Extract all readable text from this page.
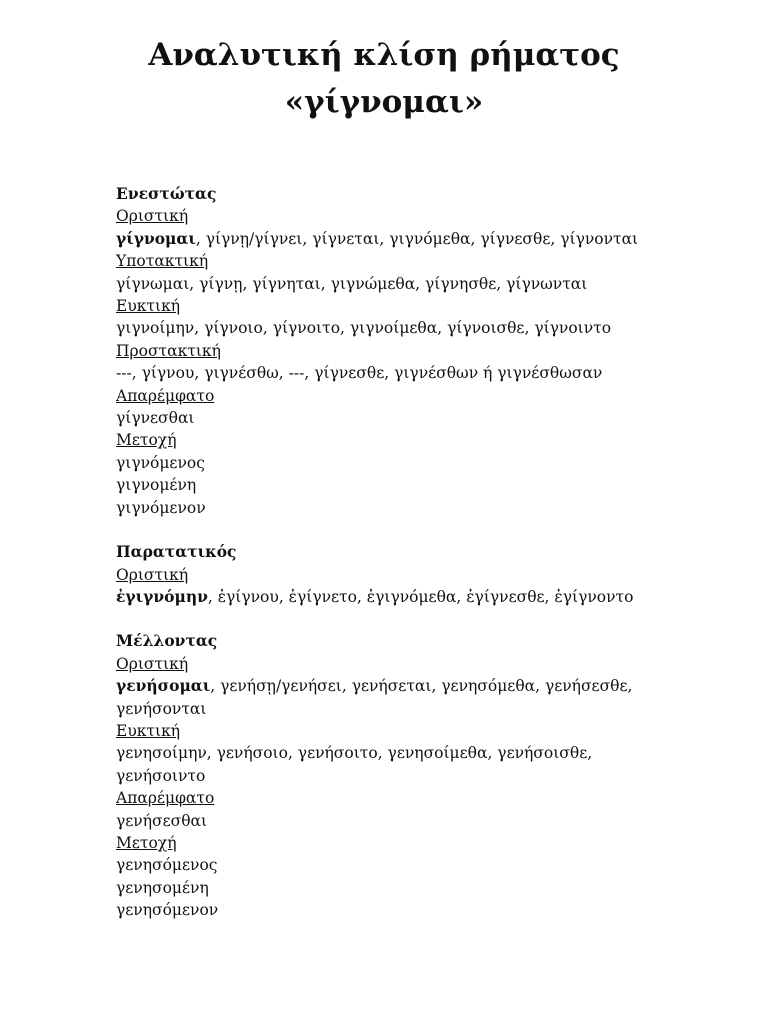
Αναλυτική κλίση ρήματος
«γίγνομαι»
Ενεστώτας
Οριστική
γίγνομαι, γίγνῃ/γίγνει, γίγνεται, γιγνόμεθα, γίγνεσθε, γίγνονται
Υποτακτική
γίγνωμαι, γίγνῃ, γίγνηται, γιγνώμεθα, γίγνησθε, γίγνωνται
Ευκτική
γιγνοίμην, γίγνοιο, γίγνοιτο, γιγνοίμεθα, γίγνοισθε, γίγνοιντο
Προστακτική
---, γίγνου, γιγνέσθω, ---, γίγνεσθε, γιγνέσθων ή γιγνέσθωσαν
Απαρέμφατο
γίγνεσθαι
Μετοχή
γιγνόμενος
γιγνομένη
γιγνόμενον
Παρατατικός
Οριστική
ἐγιγνόμην, ἐγίγνου, ἐγίγνετο, ἐγιγνόμεθα, ἐγίγνεσθε, ἐγίγνοντο
Μέλλοντας
Οριστική
γενήσομαι, γενήσῃ/γενήσει, γενήσεται, γενησόμεθα, γενήσεσθε,
γενήσονται
Ευκτική
γενησοίμην, γενήσοιο, γενήσοιτο, γενησοίμεθα, γενήσοισθε,
γενήσοιντο
Απαρέμφατο
γενήσεσθαι
Μετοχή
γενησόμενος
γενησομένη
γενησόμενον
